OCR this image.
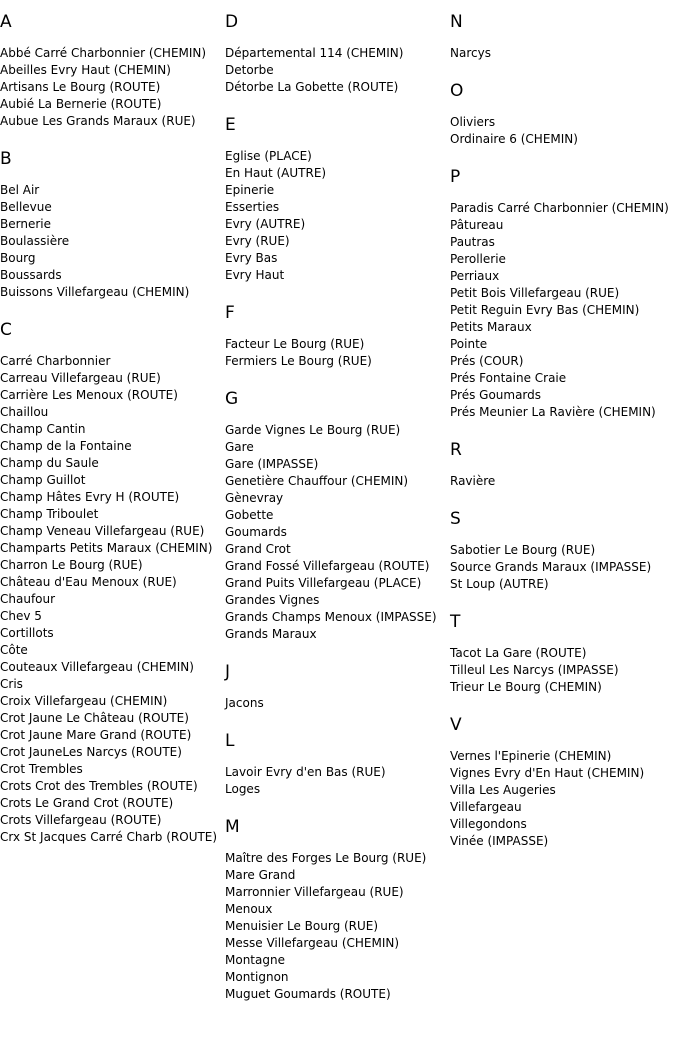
A
Abbé Carré Charbonnier (CHEMIN)
Abeilles Evry Haut (CHEMIN)
Artisans Le Bourg (ROUTE)
Aubié La Bernerie (ROUTE)
Aubue Les Grands Maraux (RUE)
B
Bel Air
Bellevue
Bernerie
Boulassière
Bourg
Boussards
Buissons Villefargeau (CHEMIN)
C
Carré Charbonnier
Carreau Villefargeau (RUE)
Carrière Les Menoux (ROUTE)
Chaillou
Champ Cantin
Champ de la Fontaine
Champ du Saule
Champ Guillot
Champ Hâtes Evry H (ROUTE)
Champ Triboulet
Champ Veneau Villefargeau (RUE)
Champarts Petits Maraux (CHEMIN)
Charron Le Bourg (RUE)
Château d'Eau Menoux (RUE)
Chaufour
Chev 5
Cortillots
Côte
Couteaux Villefargeau (CHEMIN)
Cris
Croix Villefargeau (CHEMIN)
Crot Jaune Le Château (ROUTE)
Crot Jaune Mare Grand (ROUTE)
Crot JauneLes Narcys (ROUTE)
Crot Trembles
Crots Crot des Trembles (ROUTE)
Crots Le Grand Crot (ROUTE)
Crots Villefargeau (ROUTE)
Crx St Jacques Carré Charb (ROUTE)
D
Départemental 114 (CHEMIN)
Detorbe
Détorbe La Gobette (ROUTE)
E
Eglise (PLACE)
En Haut (AUTRE)
Epinerie
Esserties
Evry (AUTRE)
Evry (RUE)
Evry Bas
Evry Haut
F
Facteur Le Bourg (RUE)
Fermiers Le Bourg (RUE)
G
Garde Vignes Le Bourg (RUE)
Gare
Gare (IMPASSE)
Genetière Chauffour (CHEMIN)
Gènevray
Gobette
Goumards
Grand Crot
Grand Fossé Villefargeau (ROUTE)
Grand Puits Villefargeau (PLACE)
Grandes Vignes
Grands Champs Menoux (IMPASSE)
Grands Maraux
J
Jacons
L
Lavoir Evry d'en Bas (RUE)
Loges
M
Maître des Forges Le Bourg (RUE)
Mare Grand
Marronnier Villefargeau (RUE)
Menoux
Menuisier Le Bourg (RUE)
Messe Villefargeau (CHEMIN)
Montagne
Montignon
Muguet Goumards (ROUTE)
N
Narcys
O
Oliviers
Ordinaire 6 (CHEMIN)
P
Paradis Carré Charbonnier (CHEMIN)
Pâtureau
Pautras
Perollerie
Perriaux
Petit Bois Villefargeau (RUE)
Petit Reguin Evry Bas (CHEMIN)
Petits Maraux
Pointe
Prés (COUR)
Prés Fontaine Craie
Prés Goumards
Prés Meunier La Ravière (CHEMIN)
R
Ravière
S
Sabotier Le Bourg (RUE)
Source Grands Maraux (IMPASSE)
St Loup (AUTRE)
T
Tacot La Gare (ROUTE)
Tilleul Les Narcys (IMPASSE)
Trieur Le Bourg (CHEMIN)
V
Vernes l'Epinerie (CHEMIN)
Vignes Evry d'En Haut (CHEMIN)
Villa Les Augeries
Villefargeau
Villegondons
Vinée (IMPASSE)
